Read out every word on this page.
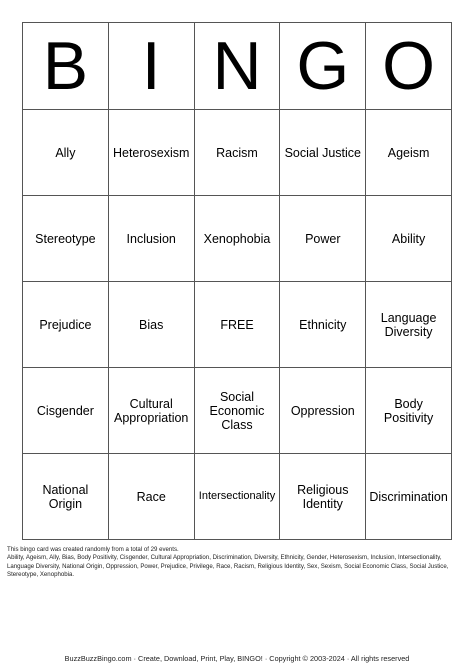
B	I	N	G	O
Ally	Heterosexism	Racism	Social Justice	Ageism
Stereotype	Inclusion	Xenophobia	Power	Ability
Prejudice	Bias	FREE	Ethnicity	Language Diversity
Cisgender	Cultural Appropriation	Social Economic Class	Oppression	Body Positivity
National Origin	Race	Intersectionality	Religious Identity	Discrimination

This bingo card was created randomly from a total of 29 events.
Ability, Ageism, Ally, Bias, Body Positivity, Cisgender, Cultural Appropriation, Discrimination, Diversity, Ethnicity, Gender, Heterosexism, Inclusion, Intersectionality, Language Diversity, National Origin, Oppression, Power, Prejudice, Privilege, Race, Racism, Religious Identity, Sex, Sexism, Social Economic Class, Social Justice, Stereotype, Xenophobia.

BuzzBuzzBingo.com · Create, Download, Print, Play, BINGO! · Copyright © 2003-2024 · All rights reserved
